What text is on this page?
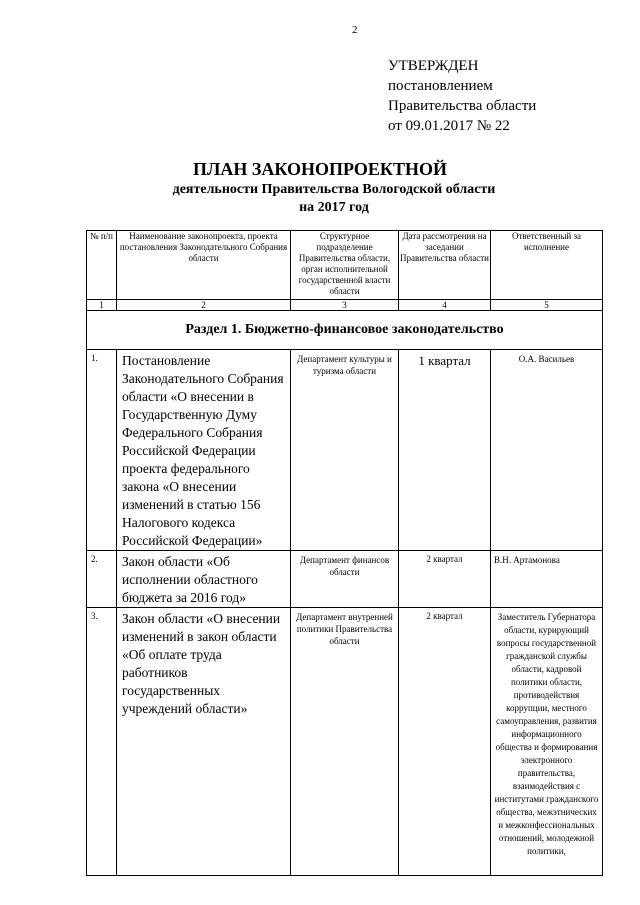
2
УТВЕРЖДЕН
постановлением
Правительства области
от 09.01.2017 № 22
ПЛАН ЗАКОНОПРОЕКТНОЙ
деятельности Правительства Вологодской области
на 2017 год
№ п/п	Наименование законопроекта, проекта постановления Законодательного Собрания области	Структурное подразделение Правительства области, орган исполнительной государственной власти области	Дата рассмотрения на заседании Правительства области	Ответственный за исполнение
1	2	3	4	5
Раздел 1. Бюджетно-финансовое законодательство				
1.	Постановление Законодательного Собрания области «О внесении в Государственную Думу Федерального Собрания Российской Федерации проекта федерального закона «О внесении изменений в статью 156 Налогового кодекса Российской Федерации»	Департамент культуры и туризма области	1 квартал	О.А. Васильев
2.	Закон области «Об исполнении областного бюджета за 2016 год»	Департамент финансов области	2 квартал	В.Н. Артамонова
3.	Закон области «О внесении изменений в закон области «Об оплате труда работников государственных учреждений области»	Департамент внутренней политики Правительства области	2 квартал	Заместитель Губернатора области, курирующий вопросы государственной гражданской службы области, кадровой политики области, противодействия коррупции, местного самоуправления, развития информационного общества и формирования электронного правительства, взаимодействия с институтами гражданского общества, межэтнических и межконфессиональных отношений, молодежной политики,
